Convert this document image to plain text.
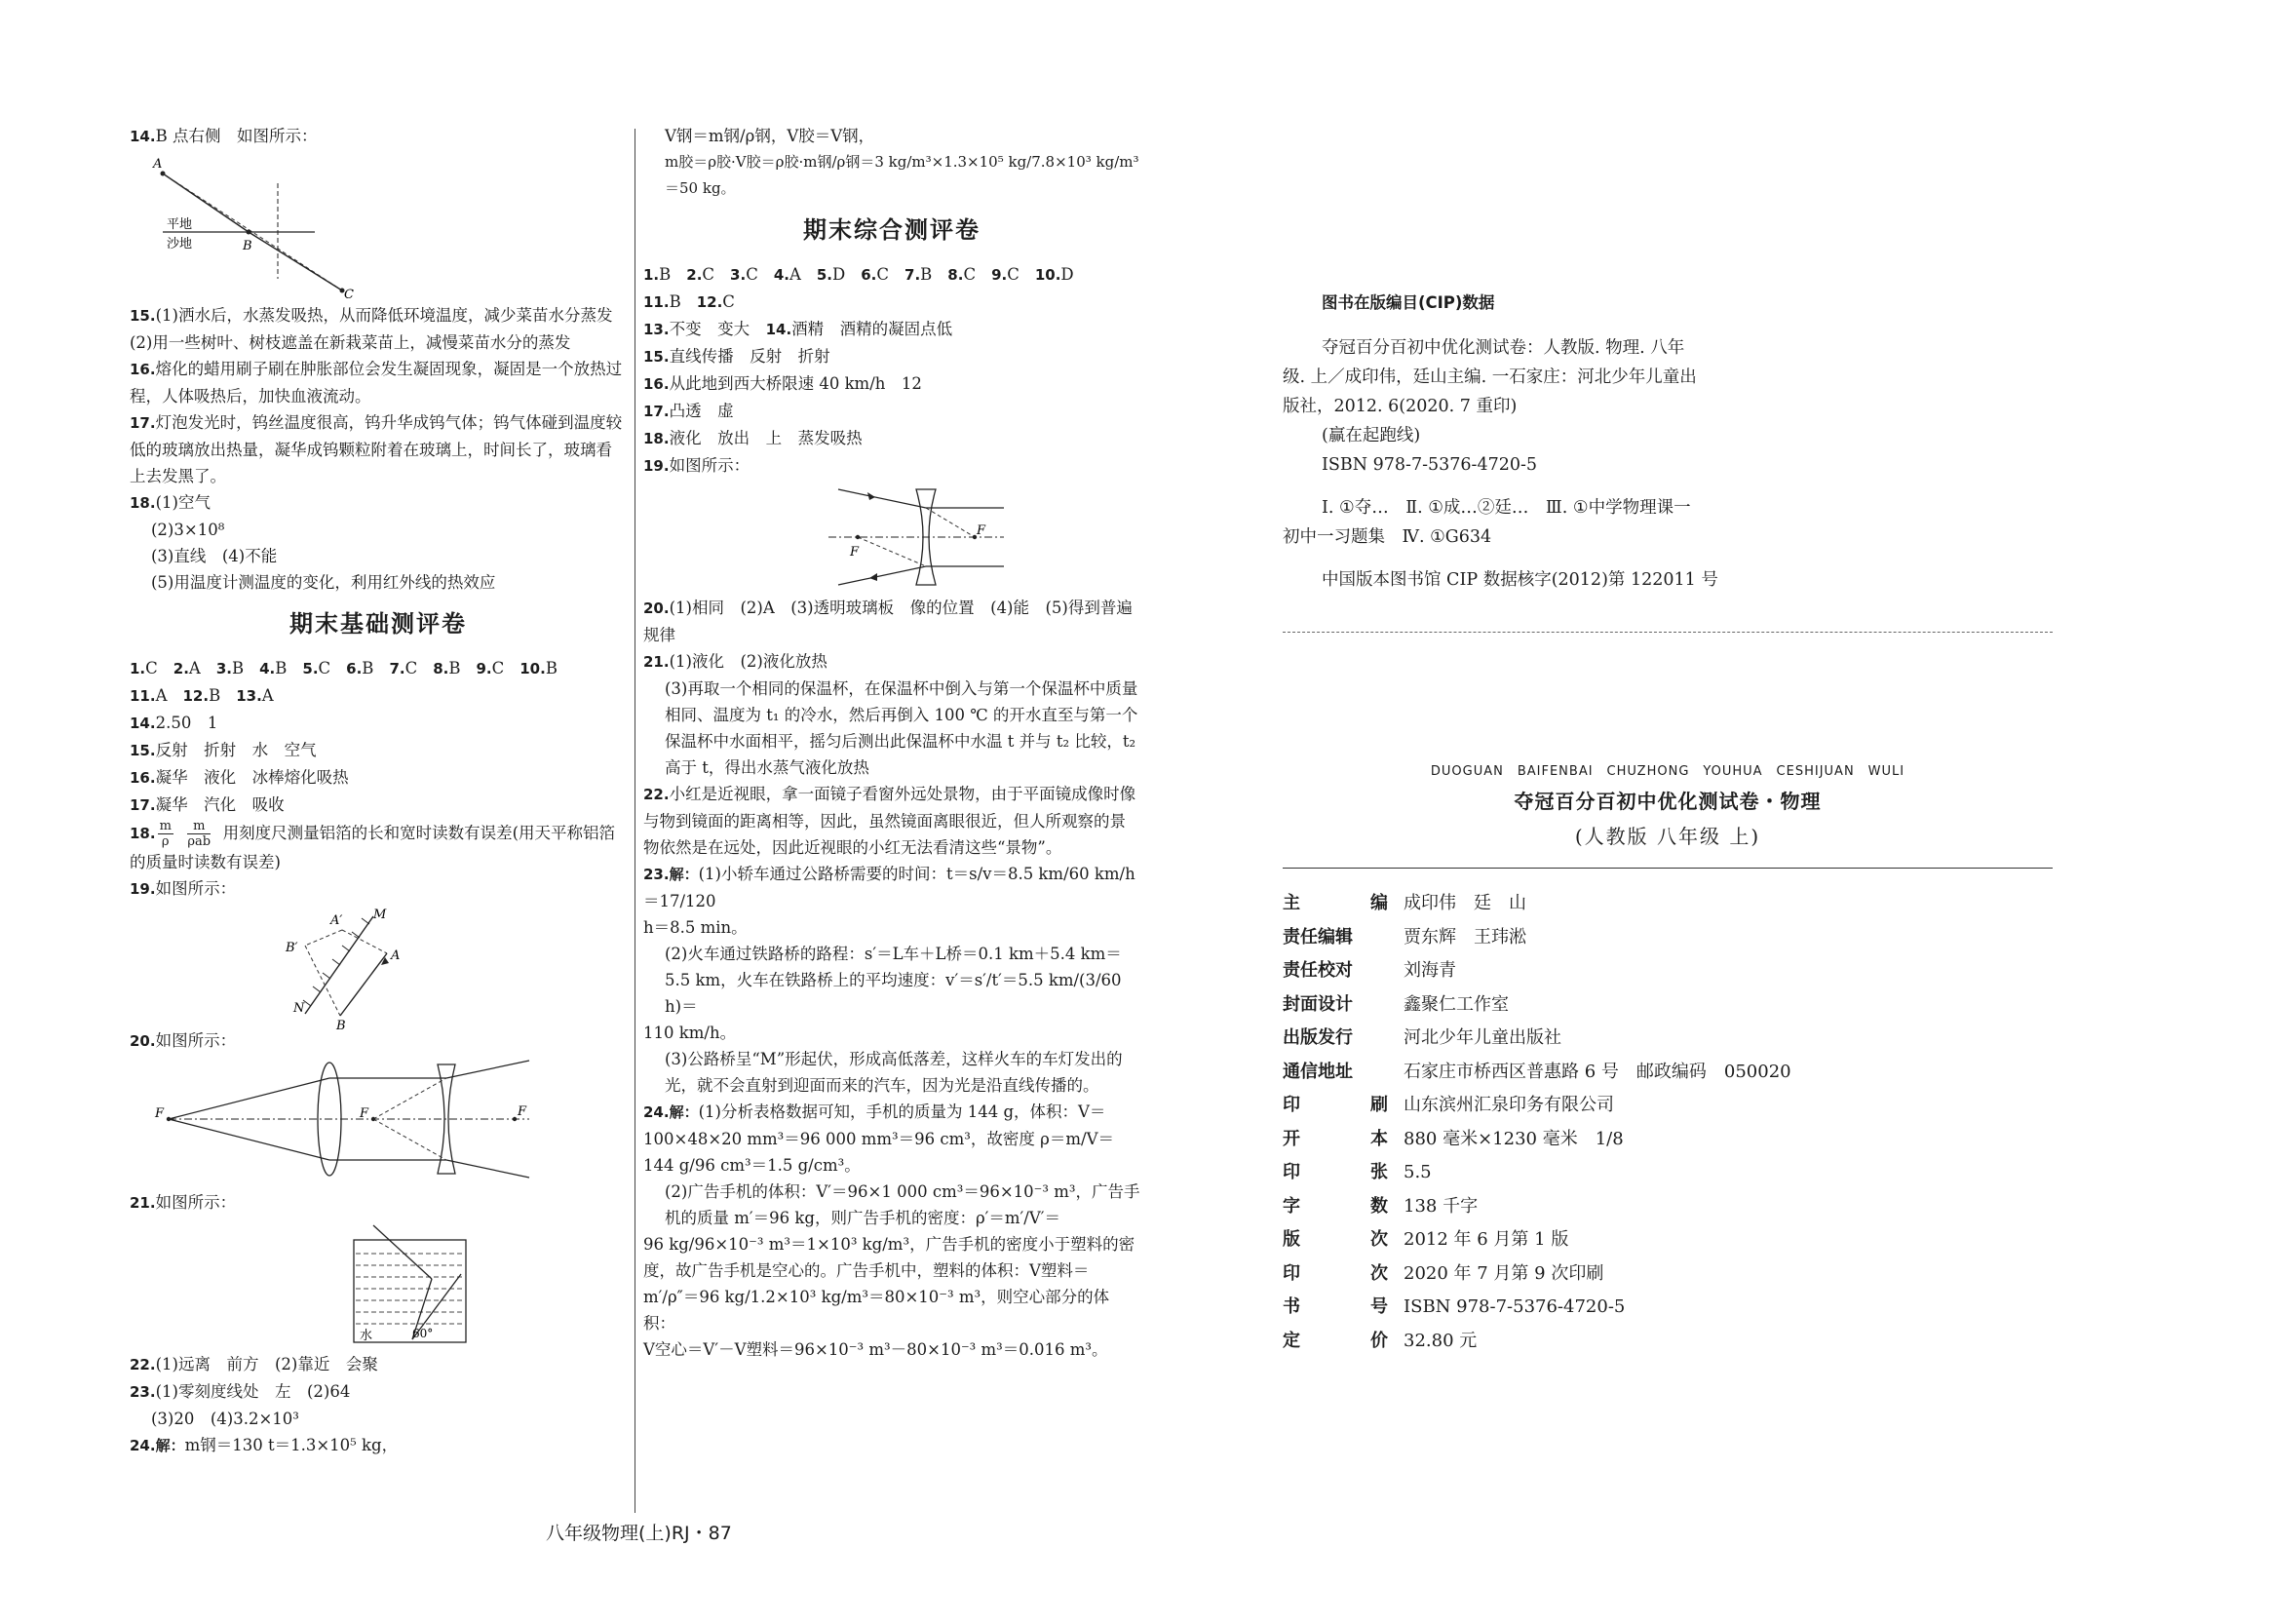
14.B 点右侧　如图所示：
A
平地
沙地	B
C
15.(1)洒水后，水蒸发吸热，从而降低环境温度，减少菜苗水分蒸发　(2)用一些树叶、树枝遮盖在新栽菜苗上，减慢菜苗水分的蒸发
16.熔化的蜡用刷子刷在肿胀部位会发生凝固现象，凝固是一个放热过程，人体吸热后，加快血液流动。
17.灯泡发光时，钨丝温度很高，钨升华成钨气体；钨气体碰到温度较低的玻璃放出热量，凝华成钨颗粒附着在玻璃上，时间长了，玻璃看上去发黑了。
18.(1)空气
(2)3×10⁸
(3)直线　(4)不能
(5)用温度计测温度的变化，利用红外线的热效应
期末基础测评卷
1.C 2.A 3.B 4.B 5.C 6.B 7.C 8.B 9.C 10.B
11.A 12.B 13.A
14.2.50　1
15.反射　折射　水　空气
16.凝华　液化　冰棒熔化吸热
17.凝华　汽化　吸收
18. $\frac{m}{\rho}$
$\frac{m}{\text{ρab}}$ 用刻度尺测量铝箔的长和宽时读数有误差(用天平称铝箔的质量时读数有误差)
19.如图所示：
A′ M
B′
A
N
B
20.如图所示：
F	F	F
21.如图所示：
水	60°
22.(1)远离　前方　(2)靠近　会聚
23.(1)零刻度线处　左　(2)64
(3)20　(4)3.2×10³
24.解：m钢＝130 t＝1.3×10⁵ kg，
V钢＝m钢/ρ钢，V胶＝V钢，
m胶＝ρ胶·V胶＝ρ胶·m钢/ρ钢＝3 kg/m³×1.3×10⁵ kg/7.8×10³ kg/m³＝50 kg。
期末综合测评卷
1.B 2.C 3.C 4.A 5.D 6.C 7.B 8.C 9.C 10.D
11.B 12.C
13.不变　变大　14.酒精　酒精的凝固点低
15.直线传播　反射　折射
16.从此地到西大桥限速 40 km/h　12
17.凸透　虚
18.液化　放出　上　蒸发吸热
19.如图所示：
F
F
20.(1)相同　(2)A　(3)透明玻璃板　像的位置　(4)能　(5)得到普遍规律
21.(1)液化　(2)液化放热
(3)再取一个相同的保温杯，在保温杯中倒入与第一个保温杯中质量相同、温度为 t₁ 的冷水，然后再倒入 100 ℃ 的开水直至与第一个保温杯中水面相平，摇匀后测出此保温杯中水温 t 并与 t₂ 比较，t₂ 高于 t，得出水蒸气液化放热
22.小红是近视眼，拿一面镜子看窗外远处景物，由于平面镜成像时像与物到镜面的距离相等，因此，虽然镜面离眼很近，但人所观察的景物依然是在远处，因此近视眼的小红无法看清这些“景物”。
23.解：(1)小轿车通过公路桥需要的时间：t＝s/v＝8.5 km/60 km/h＝17/120
h＝8.5 min。
(2)火车通过铁路桥的路程：s′＝L车＋L桥＝0.1 km＋5.4 km＝5.5 km，火车在铁路桥上的平均速度：v′＝s′/t′＝5.5 km/(3/60 h)＝
110 km/h。
(3)公路桥呈“M”形起伏，形成高低落差，这样火车的车灯发出的光，就不会直射到迎面而来的汽车，因为光是沿直线传播的。
24.解：(1)分析表格数据可知，手机的质量为 144 g，体积：V＝100×48×20 mm³＝96 000 mm³＝96 cm³，故密度 ρ＝m/V＝
144 g/96 cm³＝1.5 g/cm³。
(2)广告手机的体积：V′＝96×1 000 cm³＝96×10⁻³ m³，广告手机的质量 m′＝96 kg，则广告手机的密度：ρ′＝m′/V′＝
96 kg/96×10⁻³ m³＝1×10³ kg/m³，广告手机的密度小于塑料的密度，故广告手机是空心的。广告手机中，塑料的体积：V塑料＝
m′/ρ″＝96 kg/1.2×10³ kg/m³＝80×10⁻³ m³，则空心部分的体积：
V空心＝V′－V塑料＝96×10⁻³ m³－80×10⁻³ m³＝0.016 m³。
八年级物理(上)RJ・87
图书在版编目(CIP)数据

夺冠百分百初中优化测试卷：人教版. 物理. 八年

级. 上／成印伟，廷山主编. 一石家庄：河北少年儿童出

版社，2012. 6(2020. 7 重印)

(赢在起跑线)

ISBN 978-7-5376-4720-5

Ⅰ. ①夺…　Ⅱ. ①成…②廷…　Ⅲ. ①中学物理课一

初中一习题集　Ⅳ. ①G634

中国版本图书馆 CIP 数据核字(2012)第 122011 号

DUOGUAN　BAIFENBAI　CHUZHONG　YOUHUA　CESHIJUAN　WULI
夺冠百分百初中优化测试卷・物理
(人教版 八年级 上)
主	编 成印伟　廷　山
责任编辑	贾东辉　王玮淞
责任校对	刘海青
封面设计	鑫聚仁工作室
出版发行	河北少年儿童出版社
通信地址	石家庄市桥西区普惠路 6 号　邮政编码　050020
印	刷 山东滨州汇泉印务有限公司
开	本 880 毫米×1230 毫米　1/8
印	张 5.5
字	数 138 千字
版	次 2012 年 6 月第 1 版
印	次 2020 年 7 月第 9 次印刷
书	号 ISBN 978-7-5376-4720-5
定	价 32.80 元
